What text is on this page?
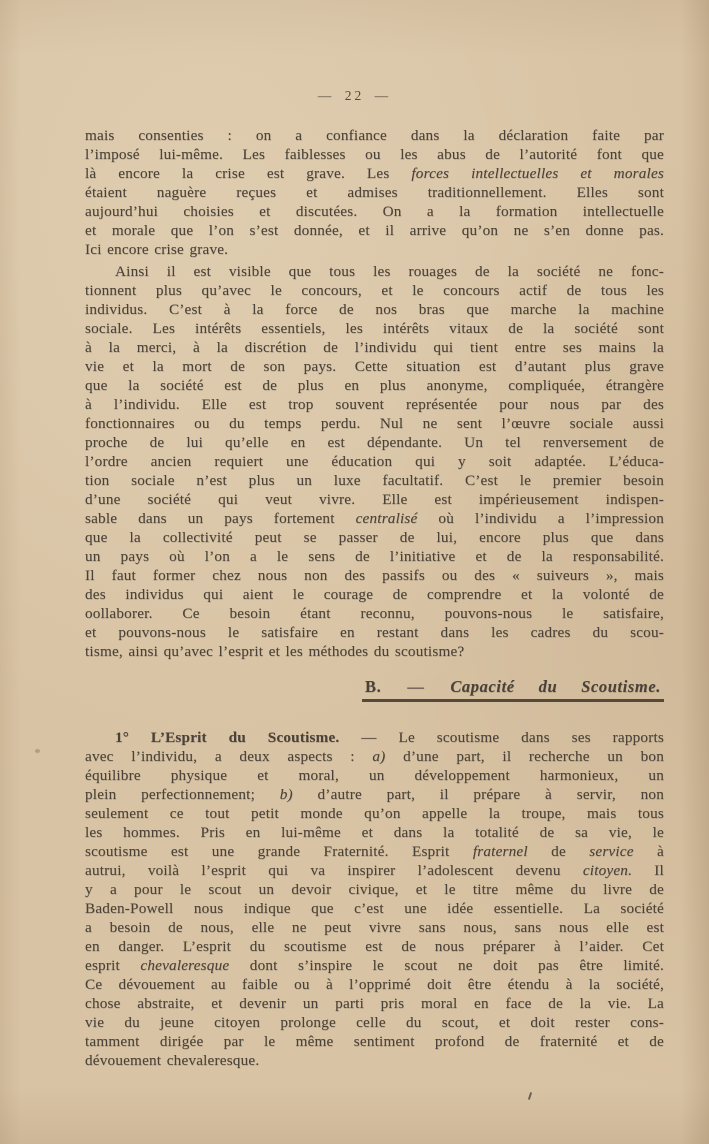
— 22 —
mais consenties : on a confiance dans la déclaration faite par
l’imposé lui-même. Les faiblesses ou les abus de l’autorité font que
là encore la crise est grave. Les forces intellectuelles et morales
étaient naguère reçues et admises traditionnellement. Elles sont
aujourd’hui choisies et discutées. On a la formation intellectuelle
et morale que l’on s’est donnée, et il arrive qu’on ne s’en donne pas.
Ici encore crise grave.
Ainsi il est visible que tous les rouages de la société ne fonc-
tionnent plus qu’avec le concours, et le concours actif de tous les
individus. C’est à la force de nos bras que marche la machine
sociale. Les intérêts essentiels, les intérêts vitaux de la société sont
à la merci, à la discrétion de l’individu qui tient entre ses mains la
vie et la mort de son pays. Cette situation est d’autant plus grave
que la société est de plus en plus anonyme, compliquée, étrangère
à l’individu. Elle est trop souvent représentée pour nous par des
fonctionnaires ou du temps perdu. Nul ne sent l’œuvre sociale aussi
proche de lui qu’elle en est dépendante. Un tel renversement de
l’ordre ancien requiert une éducation qui y soit adaptée. L’éduca-
tion sociale n’est plus un luxe facultatif. C’est le premier besoin
d’une société qui veut vivre. Elle est impérieusement indispen-
sable dans un pays fortement centralisé où l’individu a l’impression
que la collectivité peut se passer de lui, encore plus que dans
un pays où l’on a le sens de l’initiative et de la responsabilité.
Il faut former chez nous non des passifs ou des « suiveurs », mais
des individus qui aient le courage de comprendre et la volonté de
oollaborer. Ce besoin étant reconnu, pouvons-nous le satisfaire,
et pouvons-nous le satisfaire en restant dans les cadres du scou-
tisme, ainsi qu’avec l’esprit et les méthodes du scoutisme?
B. — Capacité du Scoutisme.
1° L’Esprit du Scoutisme. — Le scoutisme dans ses rapports
avec l’individu, a deux aspects : a) d’une part, il recherche un bon
équilibre physique et moral, un développement harmonieux, un
plein perfectionnement; b) d’autre part, il prépare à servir, non
seulement ce tout petit monde qu’on appelle la troupe, mais tous
les hommes. Pris en lui-même et dans la totalité de sa vie, le
scoutisme est une grande Fraternité. Esprit fraternel de service à
autrui, voilà l’esprit qui va inspirer l’adolescent devenu citoyen. Il
y a pour le scout un devoir civique, et le titre même du livre de
Baden-Powell nous indique que c’est une idée essentielle. La société
a besoin de nous, elle ne peut vivre sans nous, sans nous elle est
en danger. L’esprit du scoutisme est de nous préparer à l’aider. Cet
esprit chevaleresque dont s’inspire le scout ne doit pas être limité.
Ce dévouement au faible ou à l’opprimé doit être étendu à la société,
chose abstraite, et devenir un parti pris moral en face de la vie. La
vie du jeune citoyen prolonge celle du scout, et doit rester cons-
tamment dirigée par le même sentiment profond de fraternité et de
dévouement chevaleresque.
